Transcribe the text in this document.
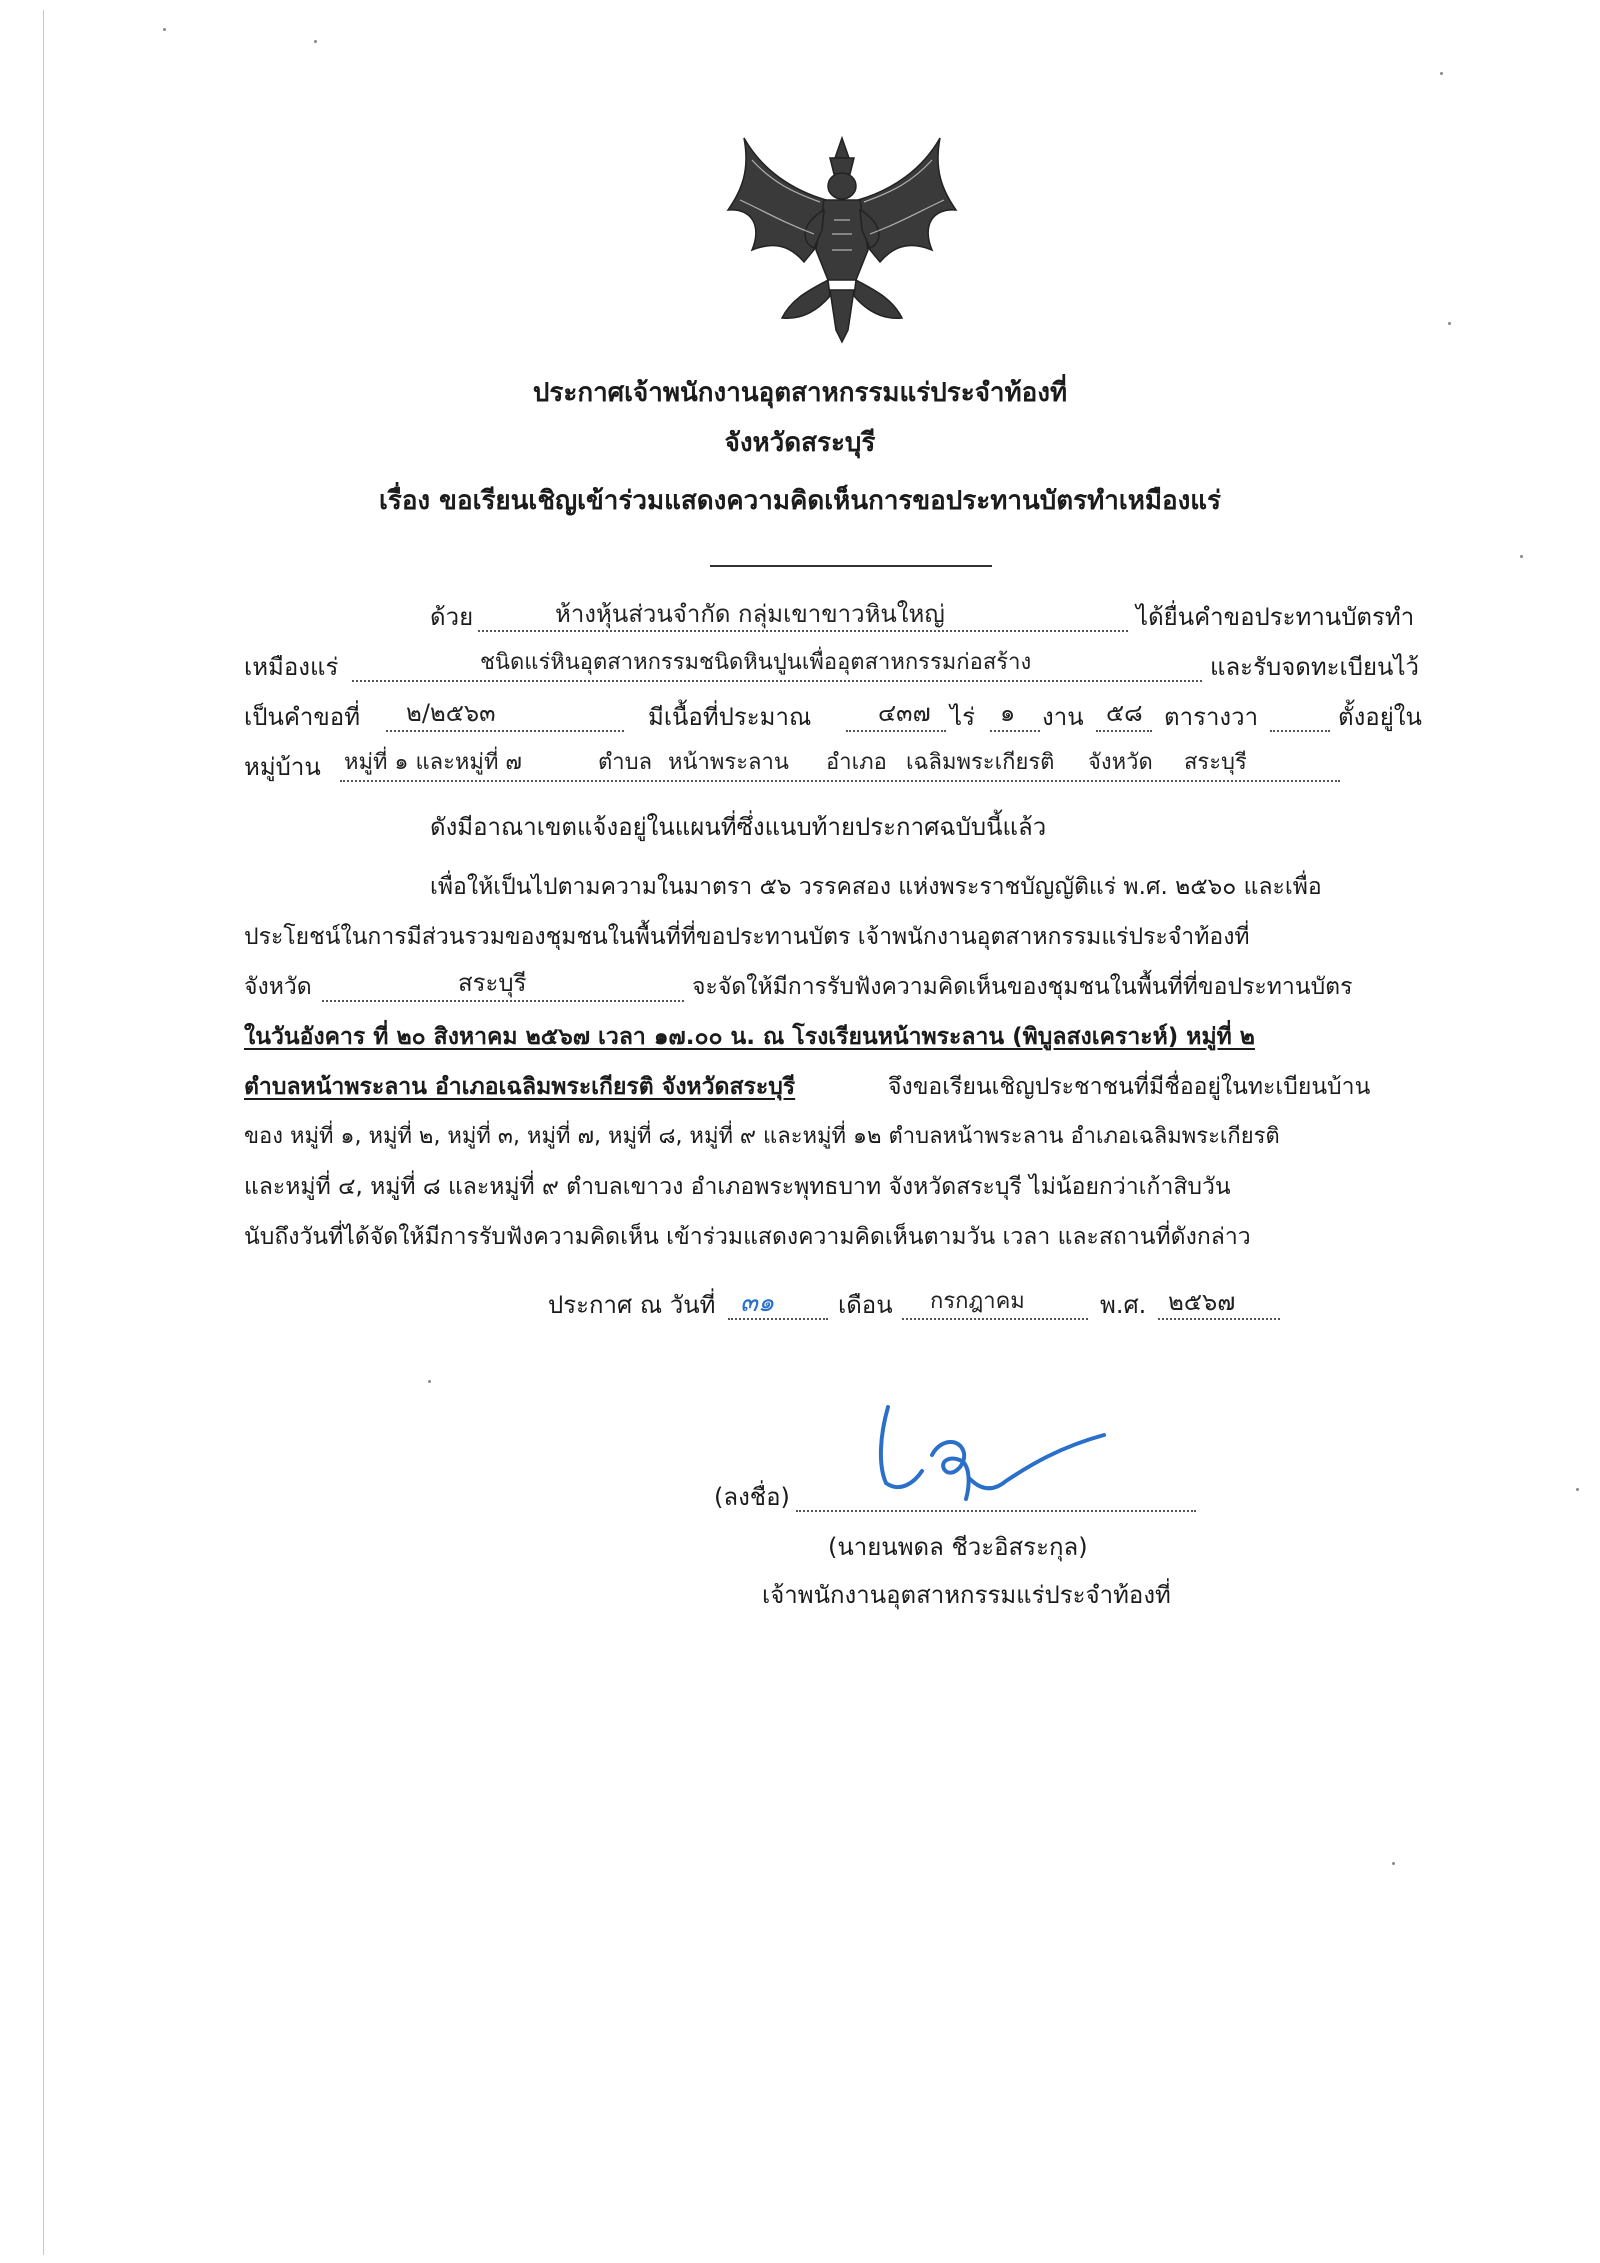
ประกาศเจ้าพนักงานอุตสาหกรรมแร่ประจำท้องที่
จังหวัดสระบุรี
เรื่อง ขอเรียนเชิญเข้าร่วมแสดงความคิดเห็นการขอประทานบัตรทำเหมืองแร่
ด้วย	ห้างหุ้นส่วนจำกัด กลุ่มเขาขาวหินใหญ่	ได้ยื่นคำขอประทานบัตรทำ
เหมืองแร่	ชนิดแร่หินอุตสาหกรรมชนิดหินปูนเพื่ออุตสาหกรรมก่อสร้าง	และรับจดทะเบียนไว้
เป็นคำขอที่ ๒/๒๕๖๓	มีเนื้อที่ประมาณ	๔๓๗ ไร่ ๑ งาน ๕๘ ตารางวา	ตั้งอยู่ใน
หมู่บ้าน หมู่ที่ ๑ และหมู่ที่ ๗	ตำบล หน้าพระลาน อำเภอ เฉลิมพระเกียรติ จังหวัด สระบุรี
ดังมีอาณาเขตแจ้งอยู่ในแผนที่ซึ่งแนบท้ายประกาศฉบับนี้แล้ว
เพื่อให้เป็นไปตามความในมาตรา ๕๖ วรรคสอง แห่งพระราชบัญญัติแร่ พ.ศ. ๒๕๖๐ และเพื่อ
ประโยชน์ในการมีส่วนรวมของชุมชนในพื้นที่ที่ขอประทานบัตร เจ้าพนักงานอุตสาหกรรมแร่ประจำท้องที่
จังหวัด	สระบุรี	จะจัดให้มีการรับฟังความคิดเห็นของชุมชนในพื้นที่ที่ขอประทานบัตร
ในวันอังคาร ที่ ๒๐ สิงหาคม ๒๕๖๗ เวลา ๑๗.๐๐ น. ณ โรงเรียนหน้าพระลาน (พิบูลสงเคราะห์) หมู่ที่ ๒
ตำบลหน้าพระลาน อำเภอเฉลิมพระเกียรติ จังหวัดสระบุรี	จึงขอเรียนเชิญประชาชนที่มีชื่ออยู่ในทะเบียนบ้าน
ของ หมู่ที่ ๑, หมู่ที่ ๒, หมู่ที่ ๓, หมู่ที่ ๗, หมู่ที่ ๘, หมู่ที่ ๙ และหมู่ที่ ๑๒ ตำบลหน้าพระลาน อำเภอเฉลิมพระเกียรติ
และหมู่ที่ ๔, หมู่ที่ ๘ และหมู่ที่ ๙ ตำบลเขาวง อำเภอพระพุทธบาท จังหวัดสระบุรี ไม่น้อยกว่าเก้าสิบวัน
นับถึงวันที่ได้จัดให้มีการรับฟังความคิดเห็น เข้าร่วมแสดงความคิดเห็นตามวัน เวลา และสถานที่ดังกล่าว
ประกาศ ณ วันที่ ๓๑	เดือน กรกฎาคม	พ.ศ. ๒๕๖๗
(ลงชื่อ)
(นายนพดล ชีวะอิสระกุล)
เจ้าพนักงานอุตสาหกรรมแร่ประจำท้องที่
